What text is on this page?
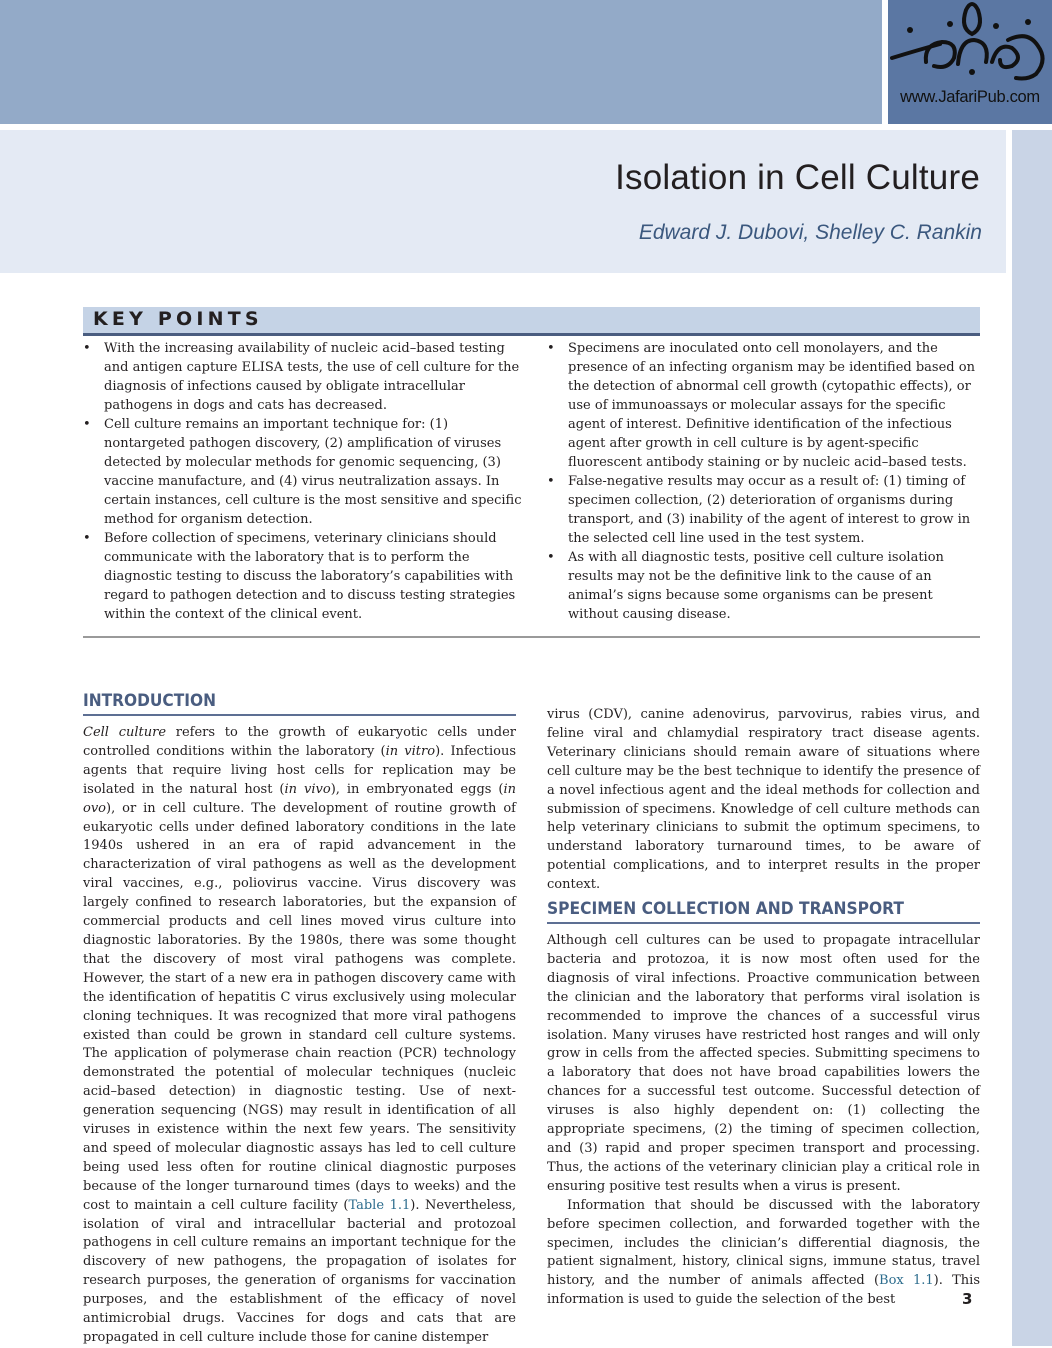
www.JafariPub.com
Isolation in Cell Culture
Edward J. Dubovi, Shelley C. Rankin
KEY POINTS
• With the increasing availability of nucleic acid–based testing and antigen capture ELISA tests, the use of cell culture for the diagnosis of infections caused by obligate intracellular pathogens in dogs and cats has decreased.
• Cell culture remains an important technique for: (1) nontargeted pathogen discovery, (2) amplification of viruses detected by molecular methods for genomic sequencing, (3) vaccine manufacture, and (4) virus neutralization assays. In certain instances, cell culture is the most sensitive and specific method for organism detection.
• Before collection of specimens, veterinary clinicians should communicate with the laboratory that is to perform the diagnostic testing to discuss the laboratory’s capabilities with regard to pathogen detection and to discuss testing strategies within the context of the clinical event.
• Specimens are inoculated onto cell monolayers, and the presence of an infecting organism may be identified based on the detection of abnormal cell growth (cytopathic effects), or use of immunoassays or molecular assays for the specific agent of interest. Definitive identification of the infectious agent after growth in cell culture is by agent-specific fluorescent antibody staining or by nucleic acid–based tests.
• False-negative results may occur as a result of: (1) timing of specimen collection, (2) deterioration of organisms during transport, and (3) inability of the agent of interest to grow in the selected cell line used in the test system.
• As with all diagnostic tests, positive cell culture isolation results may not be the definitive link to the cause of an animal’s signs because some organisms can be present without causing disease.
INTRODUCTION

Cell culture refers to the growth of eukaryotic cells under controlled conditions within the laboratory (in vitro). Infectious agents that require living host cells for replication may be isolated in the natural host (in vivo), in embryonated eggs (in ovo), or in cell culture. The development of routine growth of eukaryotic cells under defined laboratory conditions in the late 1940s ushered in an era of rapid advancement in the characterization of viral pathogens as well as the development viral vaccines, e.g., poliovirus vaccine. Virus discovery was largely confined to research laboratories, but the expansion of commercial products and cell lines moved virus culture into diagnostic laboratories. By the 1980s, there was some thought that the discovery of most viral pathogens was complete. However, the start of a new era in pathogen discovery came with the identification of hepatitis C virus exclusively using molecular cloning techniques. It was recognized that more viral pathogens existed than could be grown in standard cell culture systems. The application of polymerase chain reaction (PCR) technology demonstrated the potential of molecular techniques (nucleic acid–based detection) in diagnostic testing. Use of next-generation sequencing (NGS) may result in identification of all viruses in existence within the next few years. The sensitivity and speed of molecular diagnostic assays has led to cell culture being used less often for routine clinical diagnostic purposes because of the longer turnaround times (days to weeks) and the cost to maintain a cell culture facility (Table 1.1). Nevertheless, isolation of viral and intracellular bacterial and protozoal pathogens in cell culture remains an important technique for the discovery of new pathogens, the propagation of isolates for research purposes, the generation of organisms for vaccination purposes, and the establishment of the efficacy of novel antimicrobial drugs. Vaccines for dogs and cats that are propagated in cell culture include those for canine distemper

virus (CDV), canine adenovirus, parvovirus, rabies virus, and feline viral and chlamydial respiratory tract disease agents. Veterinary clinicians should remain aware of situations where cell culture may be the best technique to identify the presence of a novel infectious agent and the ideal methods for collection and submission of specimens. Knowledge of cell culture methods can help veterinary clinicians to submit the optimum specimens, to understand laboratory turnaround times, to be aware of potential complications, and to interpret results in the proper context.

SPECIMEN COLLECTION AND TRANSPORT

Although cell cultures can be used to propagate intracellular bacteria and protozoa, it is now most often used for the diagnosis of viral infections. Proactive communication between the clinician and the laboratory that performs viral isolation is recommended to improve the chances of a successful virus isolation. Many viruses have restricted host ranges and will only grow in cells from the affected species. Submitting specimens to a laboratory that does not have broad capabilities lowers the chances for a successful test outcome. Successful detection of viruses is also highly dependent on: (1) collecting the appropriate specimens, (2) the timing of specimen collection, and (3) rapid and proper specimen transport and processing. Thus, the actions of the veterinary clinician play a critical role in ensuring positive test results when a virus is present.

Information that should be discussed with the laboratory before specimen collection, and forwarded together with the specimen, includes the clinician’s differential diagnosis, the patient signalment, history, clinical signs, immune status, travel history, and the number of animals affected (Box 1.1). This information is used to guide the selection of the best	3
